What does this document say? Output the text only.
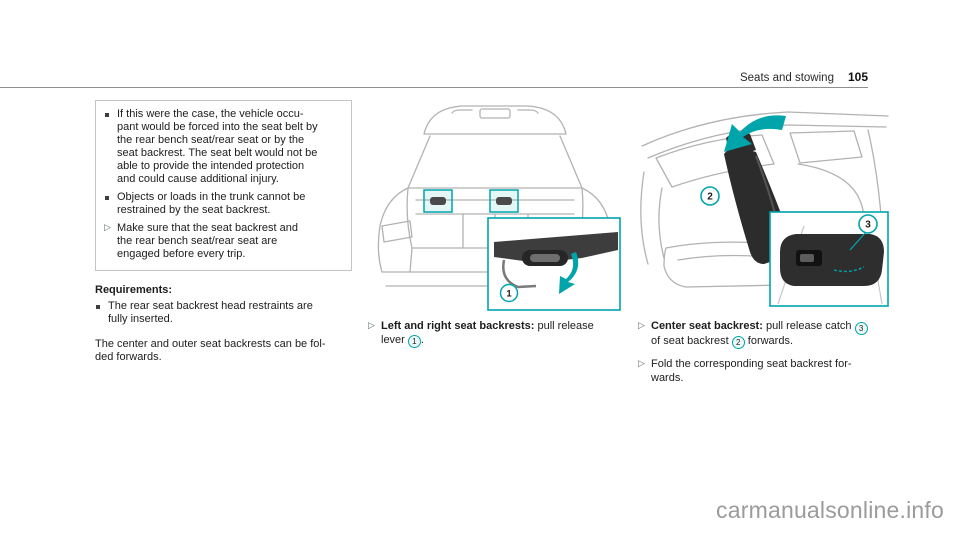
Seats and stowing 105
If this were the case, the vehicle occu-
pant would be forced into the seat belt by
the rear bench seat/rear seat or by the
seat backrest. The seat belt would not be
able to provide the intended protection
and could cause additional injury.
Objects or loads in the trunk cannot be
restrained by the seat backrest.
▷ Make sure that the seat backrest and
the rear bench seat/rear seat are
engaged before every trip.
Requirements:
The rear seat backrest head restraints are
fully inserted.
The center and outer seat backrests can be fol-
ded forwards.
1
2
3
▷ Left and right seat backrests: pull release
lever 1 .
▷ Center seat backrest: pull release catch 3
of seat backrest 2 forwards.
▷ Fold the corresponding seat backrest for-
wards.
carmanualsonline.info
